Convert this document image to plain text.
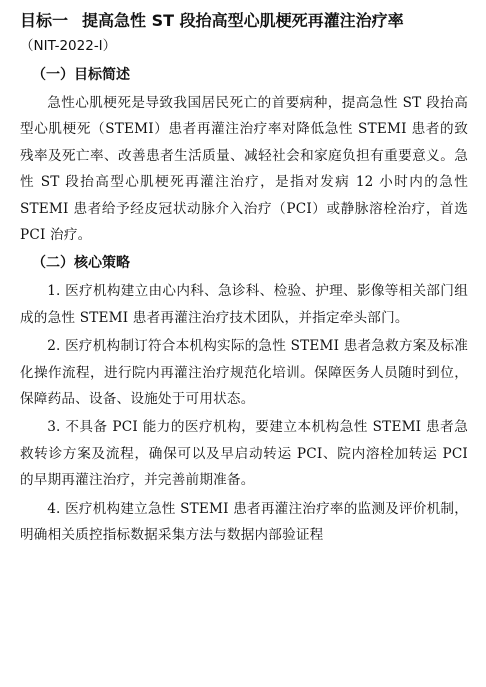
目标一 提高急性 ST 段抬高型心肌梗死再灌注治疗率
（NIT-2022-Ⅰ）
（一）目标简述

急性心肌梗死是导致我国居民死亡的首要病种，提高急性 ST 段抬高型心肌梗死（STEMI）患者再灌注治疗率对降低急性 STEMI 患者的致残率及死亡率、改善患者生活质量、减轻社会和家庭负担有重要意义。急性 ST 段抬高型心肌梗死再灌注治疗，是指对发病 12 小时内的急性 STEMI 患者给予经皮冠状动脉介入治疗（PCI）或静脉溶栓治疗，首选 PCI 治疗。

（二）核心策略

1. 医疗机构建立由心内科、急诊科、检验、护理、影像等相关部门组成的急性 STEMI 患者再灌注治疗技术团队，并指定牵头部门。

2. 医疗机构制订符合本机构实际的急性 STEMI 患者急救方案及标准化操作流程，进行院内再灌注治疗规范化培训。保障医务人员随时到位，保障药品、设备、设施处于可用状态。

3. 不具备 PCI 能力的医疗机构，要建立本机构急性 STEMI 患者急救转诊方案及流程，确保可以及早启动转运 PCI、院内溶栓加转运 PCI 的早期再灌注治疗，并完善前期准备。

4. 医疗机构建立急性 STEMI 患者再灌注治疗率的监测及评价机制，明确相关质控指标数据采集方法与数据内部验证程
